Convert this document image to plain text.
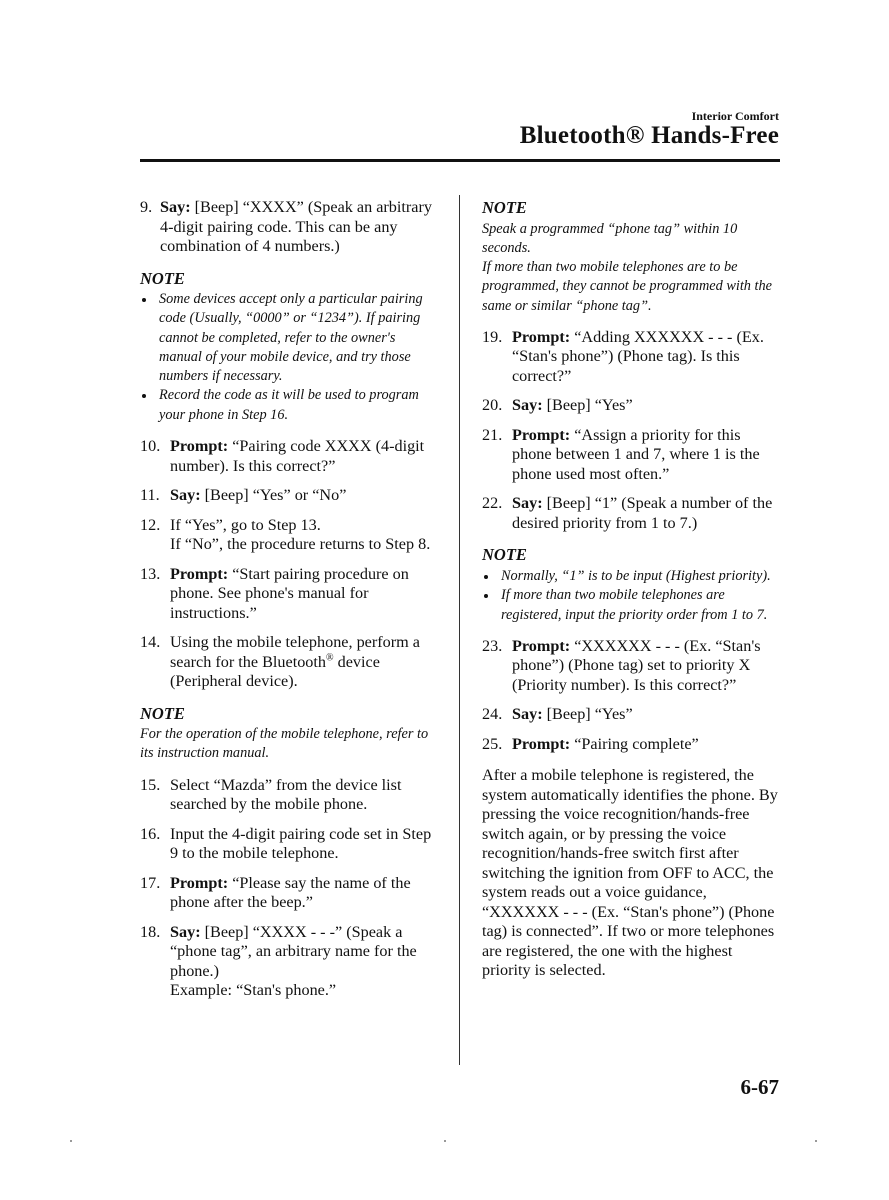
Interior Comfort
Bluetooth® Hands-Free
9. Say: [Beep] “XXXX” (Speak an arbitrary 4-digit pairing code. This can be any combination of 4 numbers.)
NOTE
Some devices accept only a particular pairing code (Usually, “0000” or “1234”). If pairing cannot be completed, refer to the owner's manual of your mobile device, and try those numbers if necessary.
Record the code as it will be used to program your phone in Step 16.
10. Prompt: “Pairing code XXXX (4-digit number). Is this correct?”
11. Say: [Beep] “Yes” or “No”
12. If “Yes”, go to Step 13.
If “No”, the procedure returns to Step 8.
13. Prompt: “Start pairing procedure on phone. See phone's manual for instructions.”
14. Using the mobile telephone, perform a search for the Bluetooth® device (Peripheral device).
NOTE
For the operation of the mobile telephone, refer to its instruction manual.
15. Select “Mazda” from the device list searched by the mobile phone.
16. Input the 4-digit pairing code set in Step 9 to the mobile telephone.
17. Prompt: “Please say the name of the phone after the beep.”
18. Say: [Beep] “XXXX - - -” (Speak a “phone tag”, an arbitrary name for the phone.)
Example: “Stan's phone.”
NOTE
Speak a programmed “phone tag” within 10 seconds.
If more than two mobile telephones are to be programmed, they cannot be programmed with the same or similar “phone tag”.
19. Prompt: “Adding XXXXXX - - - (Ex. “Stan's phone”) (Phone tag). Is this correct?”
20. Say: [Beep] “Yes”
21. Prompt: “Assign a priority for this phone between 1 and 7, where 1 is the phone used most often.”
22. Say: [Beep] “1” (Speak a number of the desired priority from 1 to 7.)
NOTE
Normally, “1” is to be input (Highest priority).
If more than two mobile telephones are registered, input the priority order from 1 to 7.
23. Prompt: “XXXXXX - - - (Ex. “Stan's phone”) (Phone tag) set to priority X (Priority number). Is this correct?”
24. Say: [Beep] “Yes”
25. Prompt: “Pairing complete”
After a mobile telephone is registered, the system automatically identifies the phone. By pressing the voice recognition/hands-free switch again, or by pressing the voice recognition/hands-free switch first after switching the ignition from OFF to ACC, the system reads out a voice guidance, “XXXXXX - - - (Ex. “Stan's phone”) (Phone tag) is connected”. If two or more telephones are registered, the one with the highest priority is selected.
6-67
